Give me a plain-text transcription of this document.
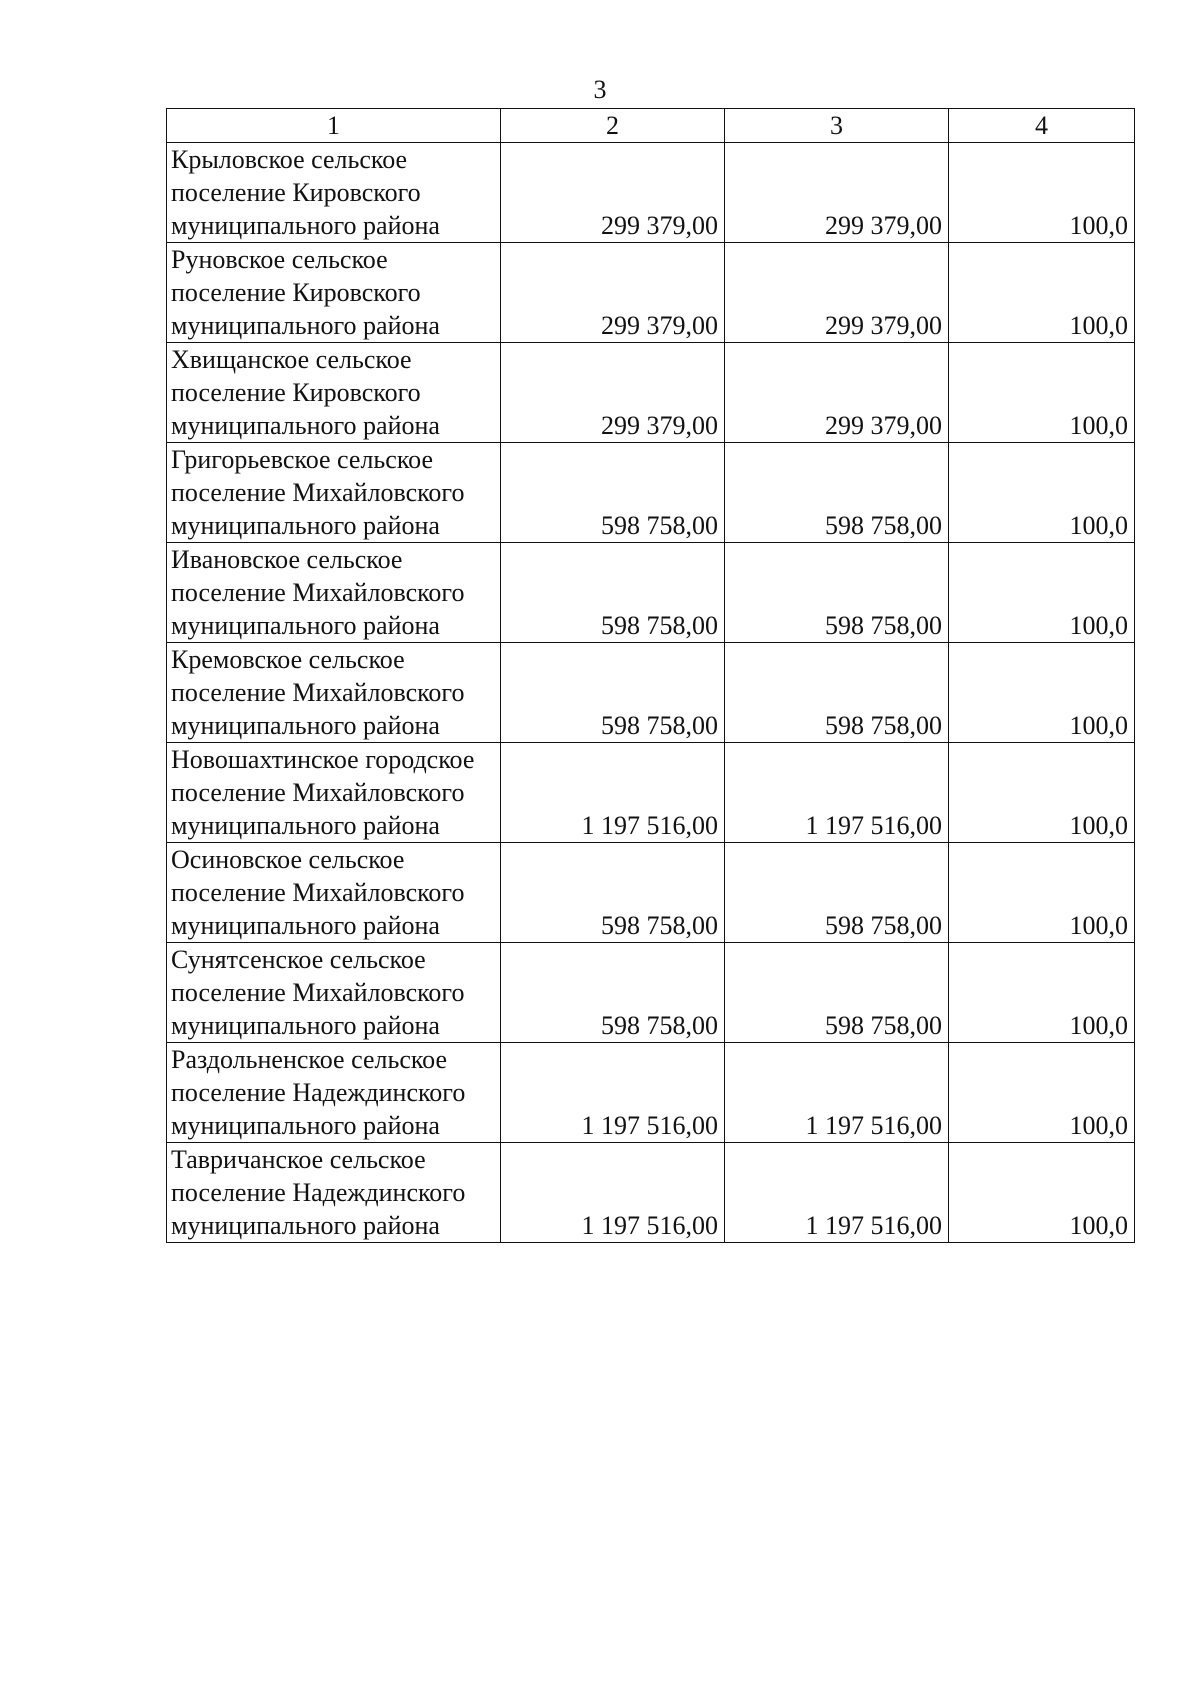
3
1	2	3	4
Крыловское сельское поселение Кировского муниципального района	299 379,00	299 379,00	100,0
Руновское сельское поселение Кировского муниципального района	299 379,00	299 379,00	100,0
Хвищанское сельское поселение Кировского муниципального района	299 379,00	299 379,00	100,0
Григорьевское сельское поселение Михайловского муниципального района	598 758,00	598 758,00	100,0
Ивановское сельское поселение Михайловского муниципального района	598 758,00	598 758,00	100,0
Кремовское сельское поселение Михайловского муниципального района	598 758,00	598 758,00	100,0
Новошахтинское городское поселение Михайловского муниципального района	1 197 516,00	1 197 516,00	100,0
Осиновское сельское поселение Михайловского муниципального района	598 758,00	598 758,00	100,0
Сунятсенское сельское поселение Михайловского муниципального района	598 758,00	598 758,00	100,0
Раздольненское сельское поселение Надеждинского муниципального района	1 197 516,00	1 197 516,00	100,0
Тавричанское сельское поселение Надеждинского муниципального района	1 197 516,00	1 197 516,00	100,0
